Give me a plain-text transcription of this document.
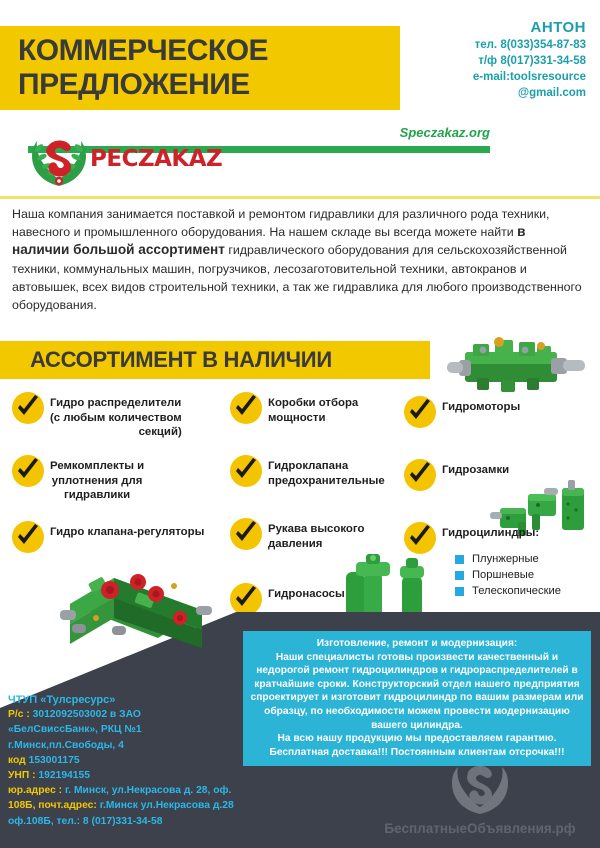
КОММЕРЧЕСКОЕ
ПРЕДЛОЖЕНИЕ
АНТОН
тел. 8(033)354-87-83
т/ф 8(017)331-34-58
e-mail:toolsresource
@gmail.com
Speczakaz.org
PECZAKAZ
Наша компания занимается поставкой и ремонтом гидравлики для различного рода техники, навесного и промышленного оборудования. На нашем складе вы всегда можете найти в наличии большой ассортимент гидравлического оборудования для сельскохозяйственной техники, коммунальных машин, погрузчиков, лесозаготовительной техники, автокранов и автовышек, всех видов строительной техники, а так же гидравлика для любого производственного оборудования.
АССОРТИМЕНТ В НАЛИЧИИ
Гидро распределители
(с любым количеством

секций)
Коробки отбора
мощности
Гидромоторы
Ремкомплекты и

уплотнения для
гидравлики
Гидроклапана
предохранительные
Гидрозамки
Гидро клапана-регуляторы	Рукава высокого
давления
Гидроцилиндры:
Плунжерные
Поршневые
Телескопические
Гидронасосы
Изготовление, ремонт и модернизация:
Наши специалисты готовы произвести качественный и недорогой ремонт гидроцилиндров и гидрораспределителей в кратчайшие сроки. Конструкторский отдел нашего предприятия спроектирует и изготовит гидроцилиндр по вашим размерам или образцу, по необходимости можем провести модернизацию вашего цилиндра.
На всю нашу продукцию мы предоставляем гарантию.
Бесплатная доставка!!! Постоянным клиентам отсрочка!!!
ЧТУП «Тулсресурс»
Р/с : 3012092503002 в ЗАО
«БелСвиссБанк», РКЦ №1
г.Минск,пл.Свободы, 4
код 153001175
УНП : 192194155
юр.адрес : г. Минск, ул.Некрасова д. 28, оф.
108Б, почт.адрес: г.Минск ул.Некрасова д.28
оф.108Б, тел.: 8 (017)331-34-58	БесплатныеОбъявления.рф
